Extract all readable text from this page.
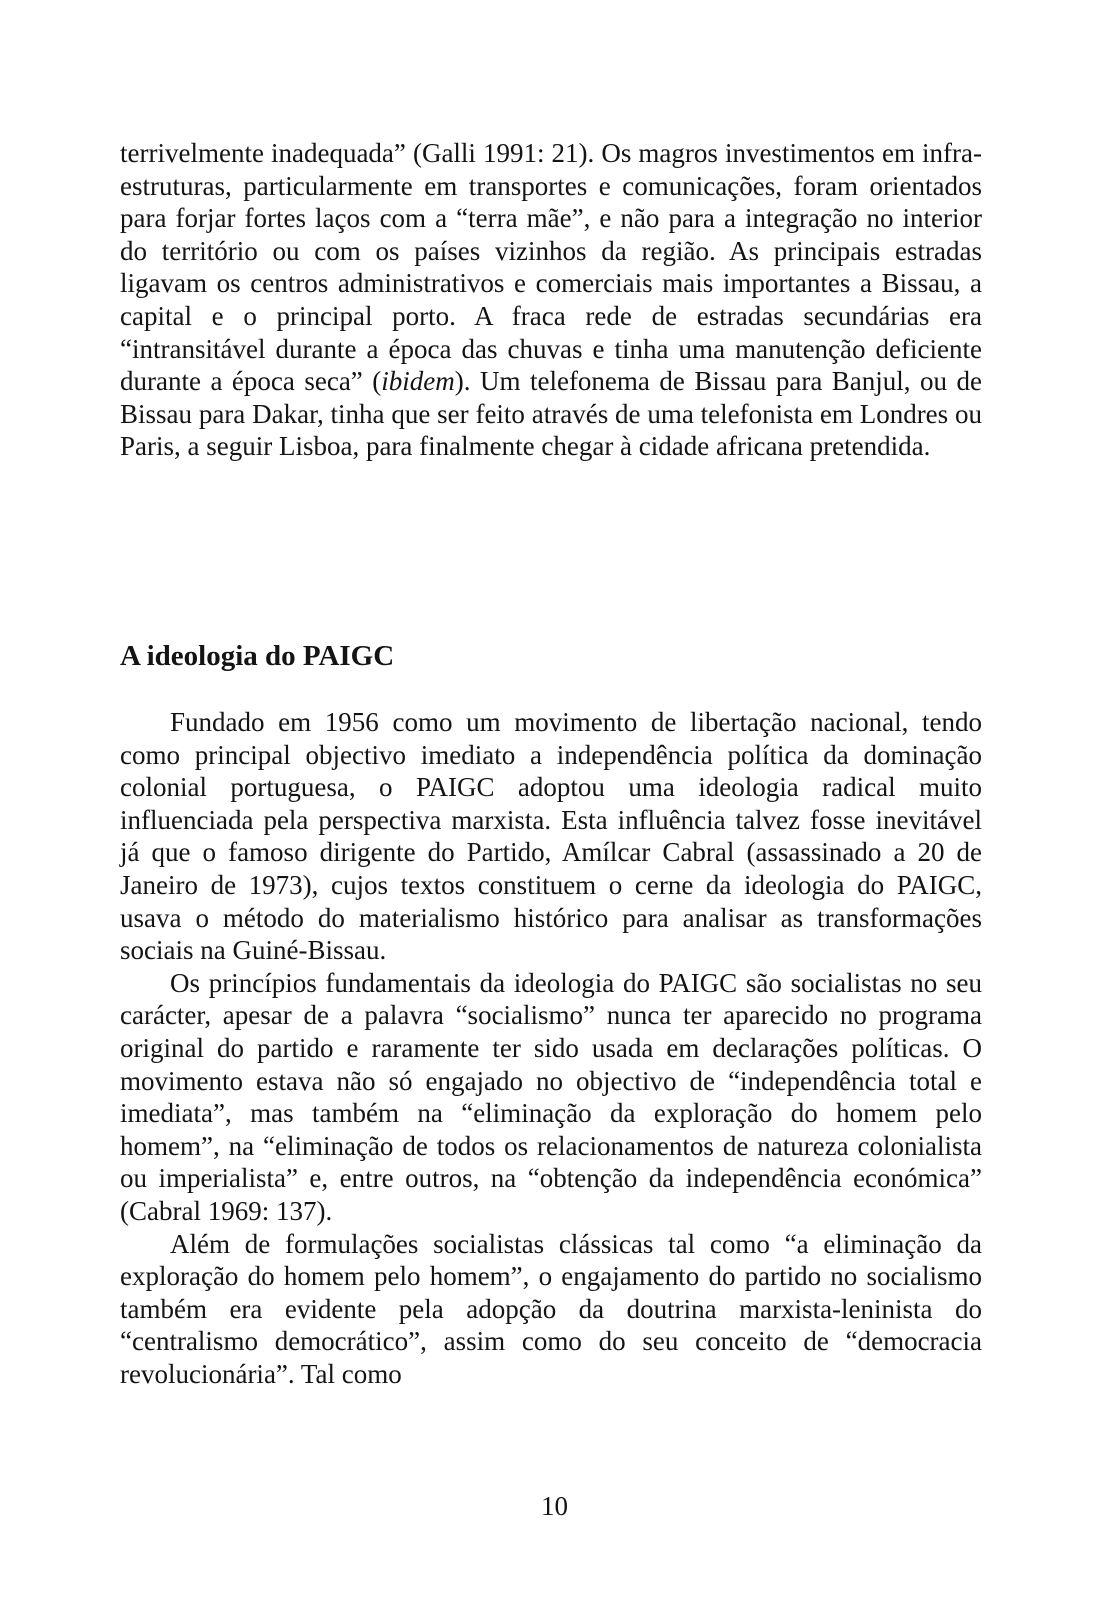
terrivelmente inadequada” (Galli 1991: 21). Os magros investimentos em infra-estruturas, particularmente em transportes e comunicações, foram orientados para forjar fortes laços com a “terra mãe”, e não para a integração no interior do território ou com os países vizinhos da região. As principais estradas ligavam os centros administrativos e comerciais mais importantes a Bissau, a capital e o principal porto. A fraca rede de estradas secundárias era “intransitável durante a época das chuvas e tinha uma manutenção deficiente durante a época seca” (ibidem). Um telefonema de Bissau para Banjul, ou de Bissau para Dakar, tinha que ser feito através de uma telefonista em Londres ou Paris, a seguir Lisboa, para finalmente chegar à cidade africana pretendida.

A ideologia do PAIGC

Fundado em 1956 como um movimento de libertação nacional, tendo como principal objectivo imediato a independência política da dominação colonial portuguesa, o PAIGC adoptou uma ideologia radical muito influenciada pela perspectiva marxista. Esta influência talvez fosse inevitável já que o famoso dirigente do Partido, Amílcar Cabral (assassinado a 20 de Janeiro de 1973), cujos textos constituem o cerne da ideologia do PAIGC, usava o método do materialismo histórico para analisar as transformações sociais na Guiné-Bissau.

Os princípios fundamentais da ideologia do PAIGC são socialistas no seu carácter, apesar de a palavra “socialismo” nunca ter aparecido no programa original do partido e raramente ter sido usada em declarações políticas. O movimento estava não só engajado no objectivo de “independência total e imediata”, mas também na “eliminação da exploração do homem pelo homem”, na “eliminação de todos os relacionamentos de natureza colonialista ou imperialista” e, entre outros, na “obtenção da independência económica” (Cabral 1969: 137).

Além de formulações socialistas clássicas tal como “a eliminação da exploração do homem pelo homem”, o engajamento do partido no socialismo também era evidente pela adopção da doutrina marxista-leninista do “centralismo democrático”, assim como do seu conceito de “democracia revolucionária”. Tal como

10
